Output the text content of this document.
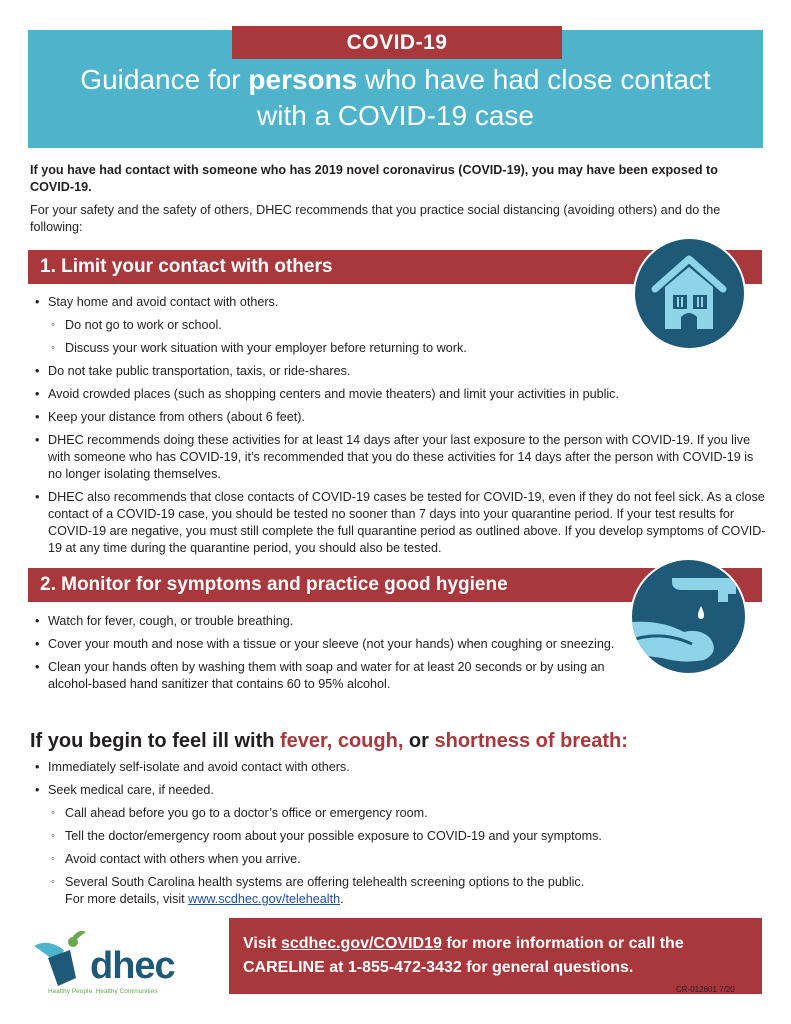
COVID-19
Guidance for persons who have had close contact
with a COVID-19 case
If you have had contact with someone who has 2019 novel coronavirus (COVID-19), you may have been exposed to COVID-19.
For your safety and the safety of others, DHEC recommends that you practice social distancing (avoiding others) and do the following:
1. Limit your contact with others
• Stay home and avoid contact with others.
◦ Do not go to work or school.
◦ Discuss your work situation with your employer before returning to work.
• Do not take public transportation, taxis, or ride-shares.
• Avoid crowded places (such as shopping centers and movie theaters) and limit your activities in public.
• Keep your distance from others (about 6 feet).
• DHEC recommends doing these activities for at least 14 days after your last exposure to the person with COVID-19. If you live with someone who has COVID-19, it’s recommended that you do these activities for 14 days after the person with COVID-19 is no longer isolating themselves.
• DHEC also recommends that close contacts of COVID-19 cases be tested for COVID-19, even if they do not feel sick. As a close contact of a COVID-19 case, you should be tested no sooner than 7 days into your quarantine period. If your test results for COVID-19 are negative, you must still complete the full quarantine period as outlined above. If you develop symptoms of COVID-19 at any time during the quarantine period, you should also be tested.
2. Monitor for symptoms and practice good hygiene
• Watch for fever, cough, or trouble breathing.
• Cover your mouth and nose with a tissue or your sleeve (not your hands) when coughing or sneezing.
• Clean your hands often by washing them with soap and water for at least 20 seconds or by using an alcohol-based hand sanitizer that contains 60 to 95% alcohol.
If you begin to feel ill with fever, cough, or shortness of breath:
• Immediately self-isolate and avoid contact with others.
• Seek medical care, if needed.
◦ Call ahead before you go to a doctor’s office or emergency room.
◦ Tell the doctor/emergency room about your possible exposure to COVID-19 and your symptoms.
◦ Avoid contact with others when you arrive.
◦ Several South Carolina health systems are offering telehealth screening options to the public.
For more details, visit www.scdhec.gov/telehealth.
dhec
Healthy People. Healthy Communities
Visit scdhec.gov/COVID19 for more information or call the
CARELINE at 1-855-472-3432 for general questions.
CR-012601 7/20
